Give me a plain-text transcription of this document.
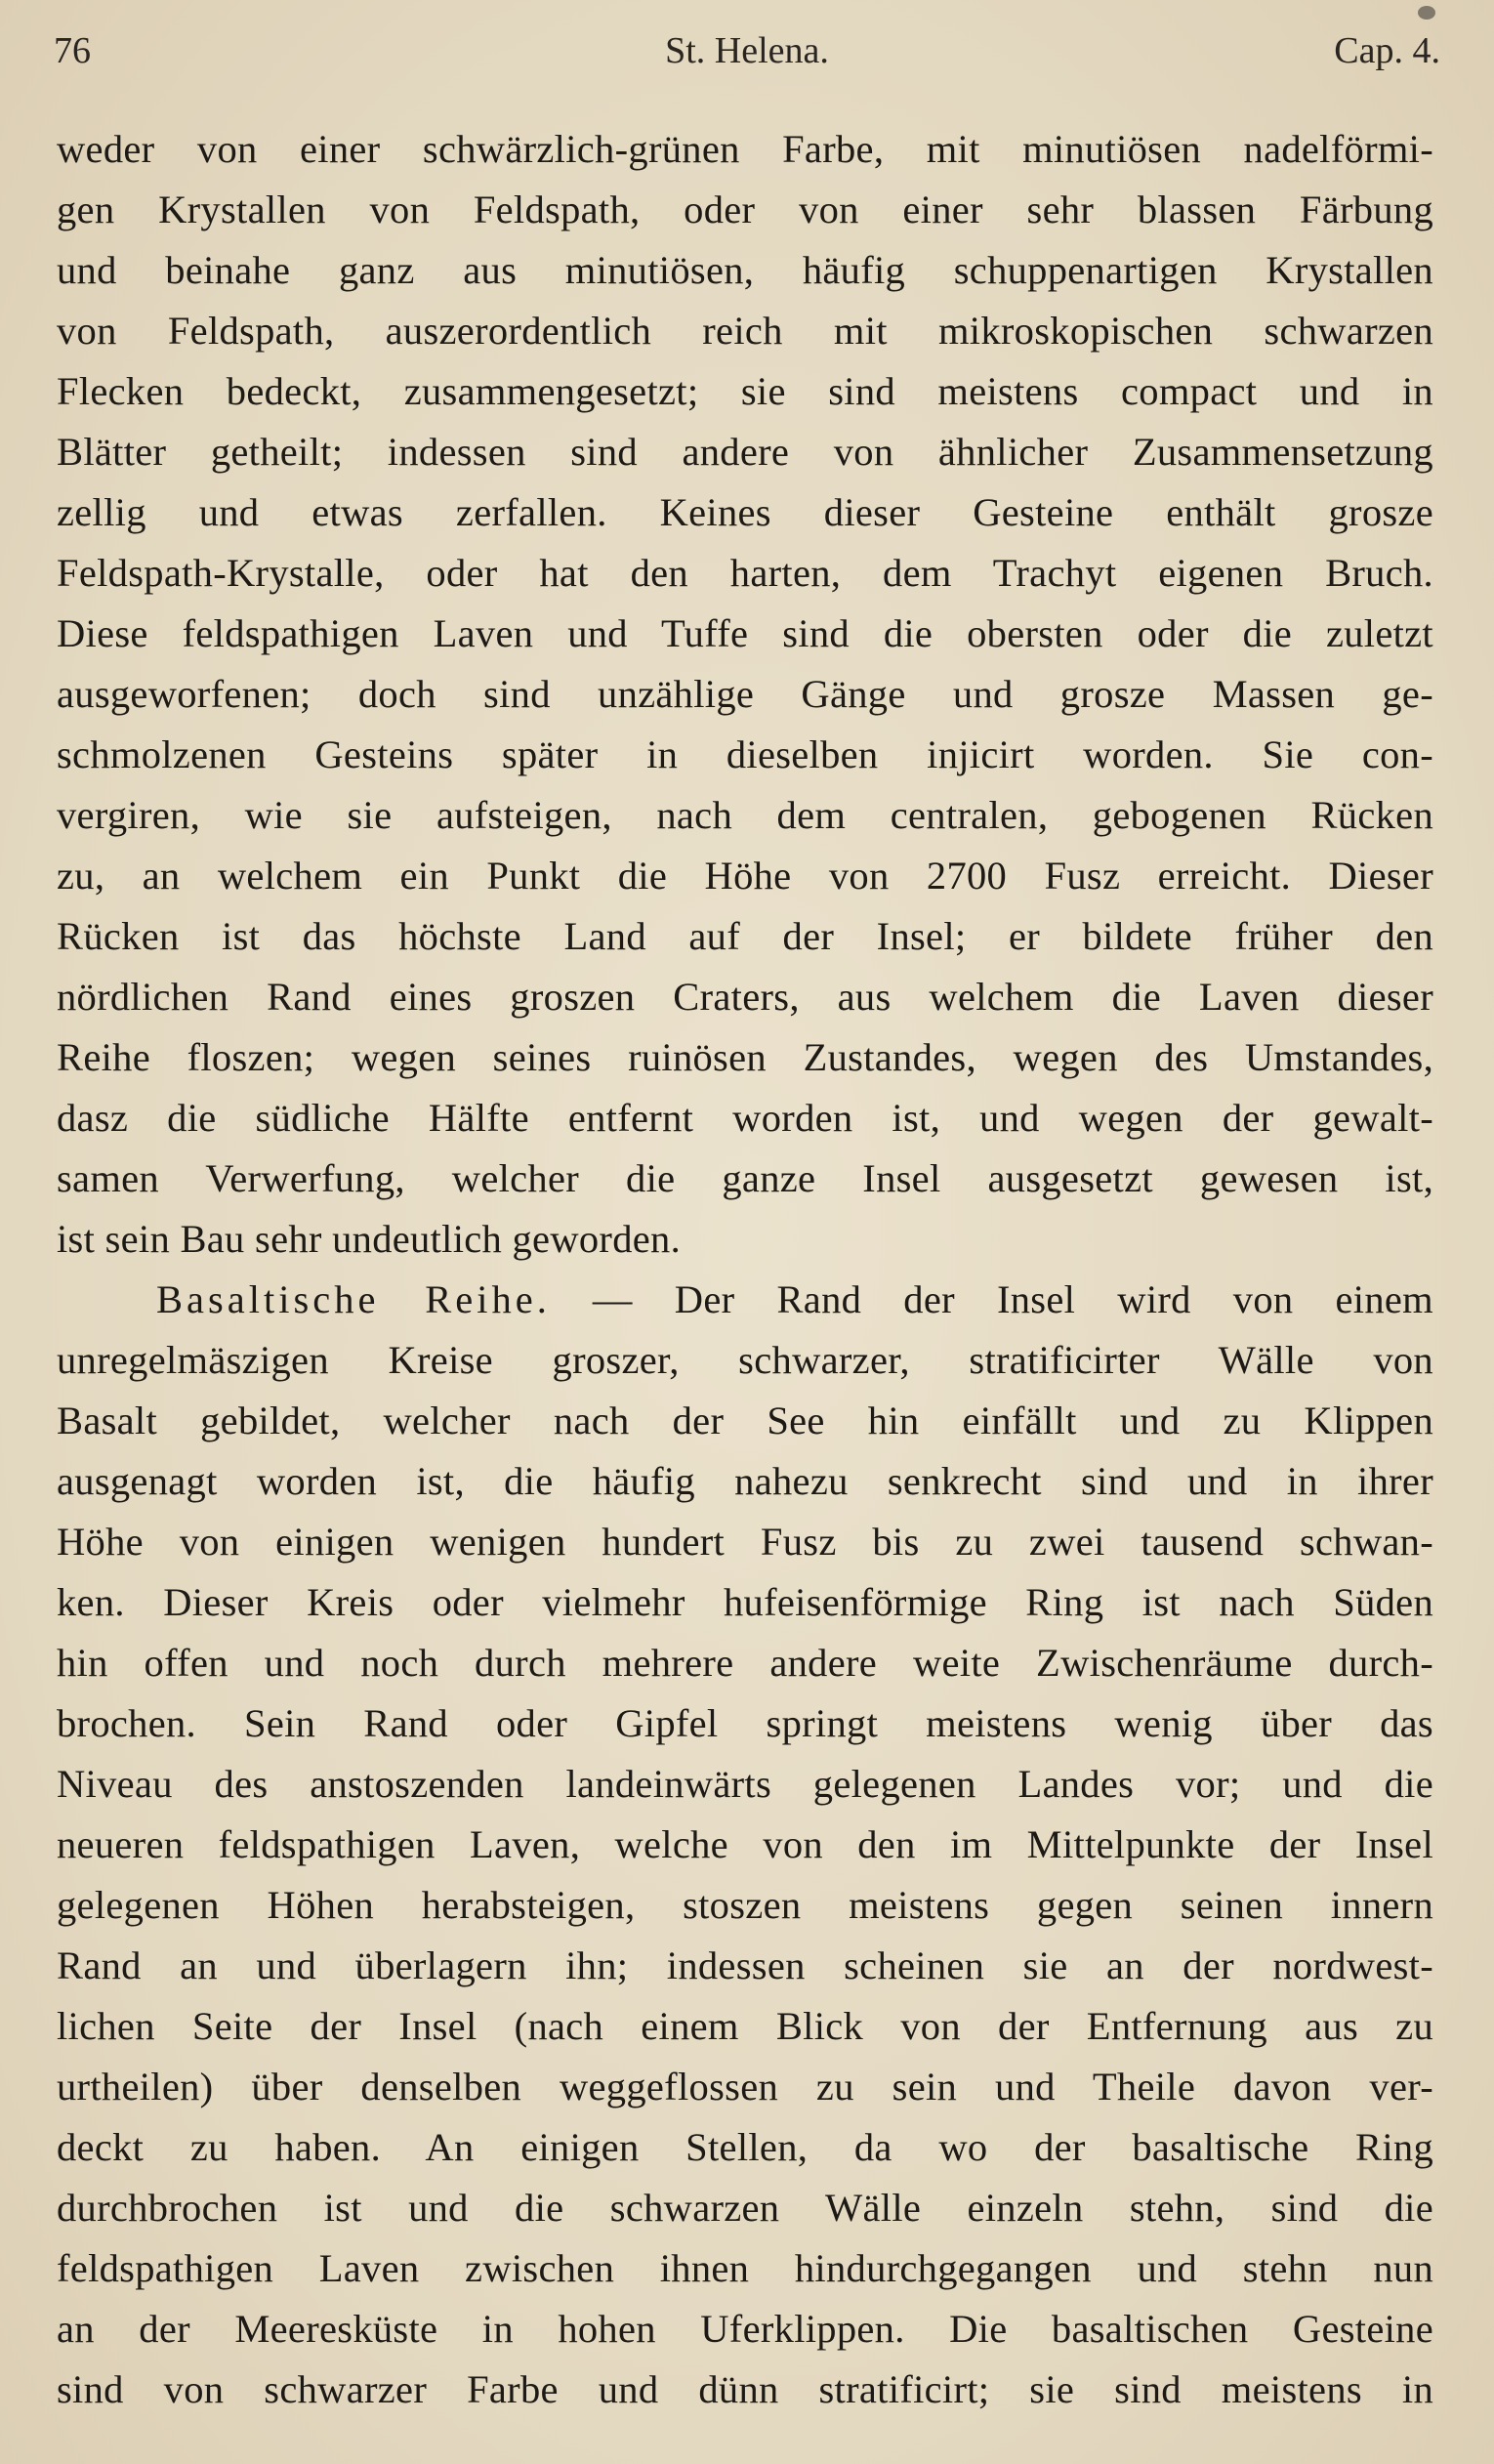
76	St. Helena.	Cap. 4.
weder von einer schwärzlich-grünen Farbe, mit minutiösen nadelförmi-
gen Krystallen von Feldspath, oder von einer sehr blassen Färbung
und beinahe ganz aus minutiösen, häufig schuppenartigen Krystallen
von Feldspath, auszerordentlich reich mit mikroskopischen schwarzen
Flecken bedeckt, zusammengesetzt; sie sind meistens compact und in
Blätter getheilt; indessen sind andere von ähnlicher Zusammensetzung
zellig und etwas zerfallen. Keines dieser Gesteine enthält grosze
Feldspath-Krystalle, oder hat den harten, dem Trachyt eigenen Bruch.
Diese feldspathigen Laven und Tuffe sind die obersten oder die zuletzt
ausgeworfenen; doch sind unzählige Gänge und grosze Massen ge-
schmolzenen Gesteins später in dieselben injicirt worden. Sie con-
vergiren, wie sie aufsteigen, nach dem centralen, gebogenen Rücken
zu, an welchem ein Punkt die Höhe von 2700 Fusz erreicht. Dieser
Rücken ist das höchste Land auf der Insel; er bildete früher den
nördlichen Rand eines groszen Craters, aus welchem die Laven dieser
Reihe floszen; wegen seines ruinösen Zustandes, wegen des Umstandes,
dasz die südliche Hälfte entfernt worden ist, und wegen der gewalt-
samen Verwerfung, welcher die ganze Insel ausgesetzt gewesen ist,
ist sein Bau sehr undeutlich geworden.
Basaltische Reihe. — Der Rand der Insel wird von einem
unregelmäszigen Kreise groszer, schwarzer, stratificirter Wälle von
Basalt gebildet, welcher nach der See hin einfällt und zu Klippen
ausgenagt worden ist, die häufig nahezu senkrecht sind und in ihrer
Höhe von einigen wenigen hundert Fusz bis zu zwei tausend schwan-
ken. Dieser Kreis oder vielmehr hufeisenförmige Ring ist nach Süden
hin offen und noch durch mehrere andere weite Zwischenräume durch-
brochen. Sein Rand oder Gipfel springt meistens wenig über das
Niveau des anstoszenden landeinwärts gelegenen Landes vor; und die
neueren feldspathigen Laven, welche von den im Mittelpunkte der Insel
gelegenen Höhen herabsteigen, stoszen meistens gegen seinen innern
Rand an und überlagern ihn; indessen scheinen sie an der nordwest-
lichen Seite der Insel (nach einem Blick von der Entfernung aus zu
urtheilen) über denselben weggeflossen zu sein und Theile davon ver-
deckt zu haben. An einigen Stellen, da wo der basaltische Ring
durchbrochen ist und die schwarzen Wälle einzeln stehn, sind die
feldspathigen Laven zwischen ihnen hindurchgegangen und stehn nun
an der Meeresküste in hohen Uferklippen. Die basaltischen Gesteine
sind von schwarzer Farbe und dünn stratificirt; sie sind meistens in
